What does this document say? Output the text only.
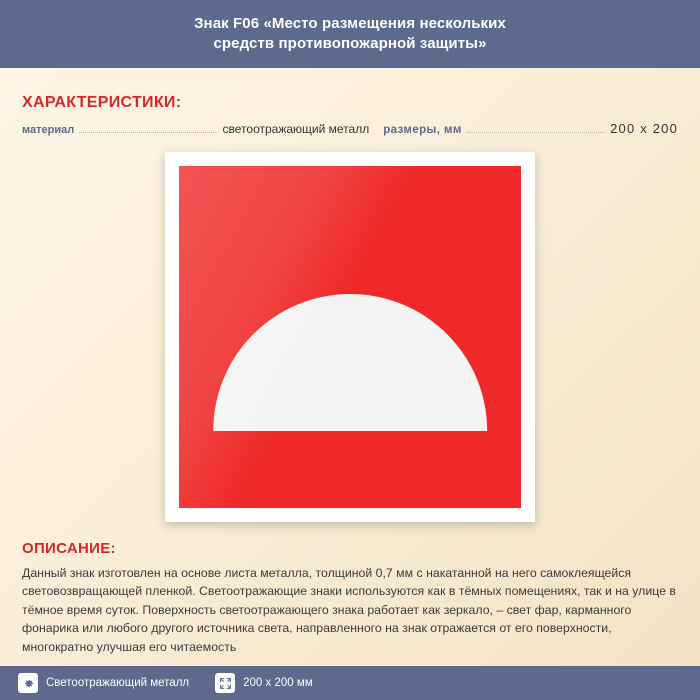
Знак F06 «Место размещения нескольких
средств противопожарной защиты»
ХАРАКТЕРИСТИКИ:
материал	светоотражающий металл размеры, мм	200 x 200
ОПИСАНИЕ:
Данный знак изготовлен на основе листа металла, толщиной 0,7 мм с накатанной на него самоклеящейся световозвращающей пленкой. Светоотражающие знаки используются как в тёмных помещениях, так и на улице в тёмное время суток. Поверхность светоотражающего знака работает как зеркало, – свет фар, карманного фонарика или любого другого источника света, направленного на знак отражается от его поверхности, многократно улучшая его читаемость
Светоотражающий металл	200 x 200 мм
